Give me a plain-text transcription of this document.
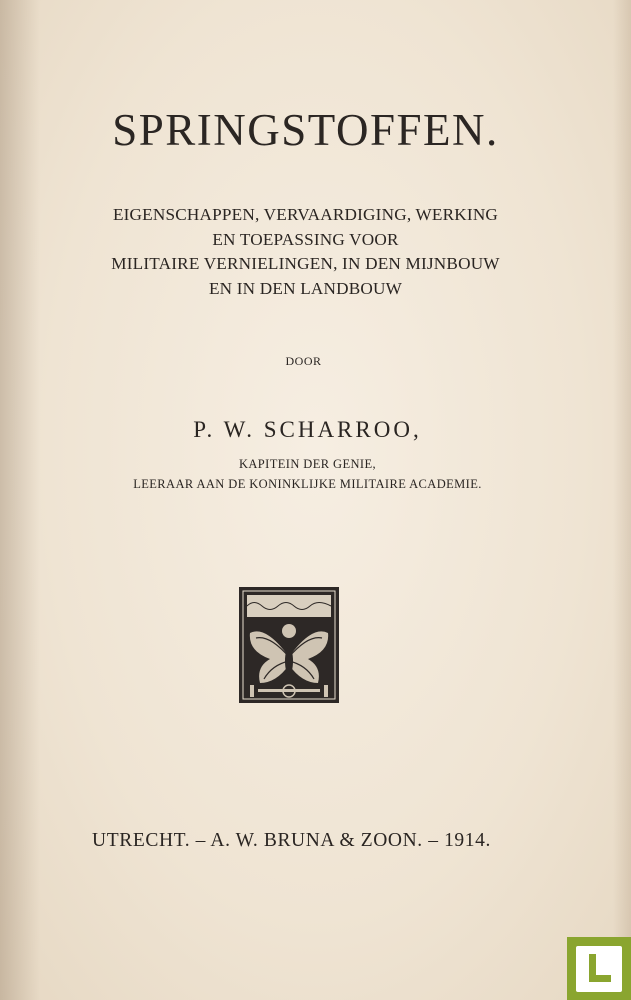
SPRINGSTOFFEN.
EIGENSCHAPPEN, VERVAARDIGING, WERKING
EN TOEPASSING VOOR
MILITAIRE VERNIELINGEN, IN DEN MIJNBOUW
EN IN DEN LANDBOUW
DOOR
P. W. SCHARROO,
KAPITEIN DER GENIE,
LEERAAR AAN DE KONINKLIJKE MILITAIRE ACADEMIE.
UTRECHT. – A. W. BRUNA & ZOON. – 1914.
